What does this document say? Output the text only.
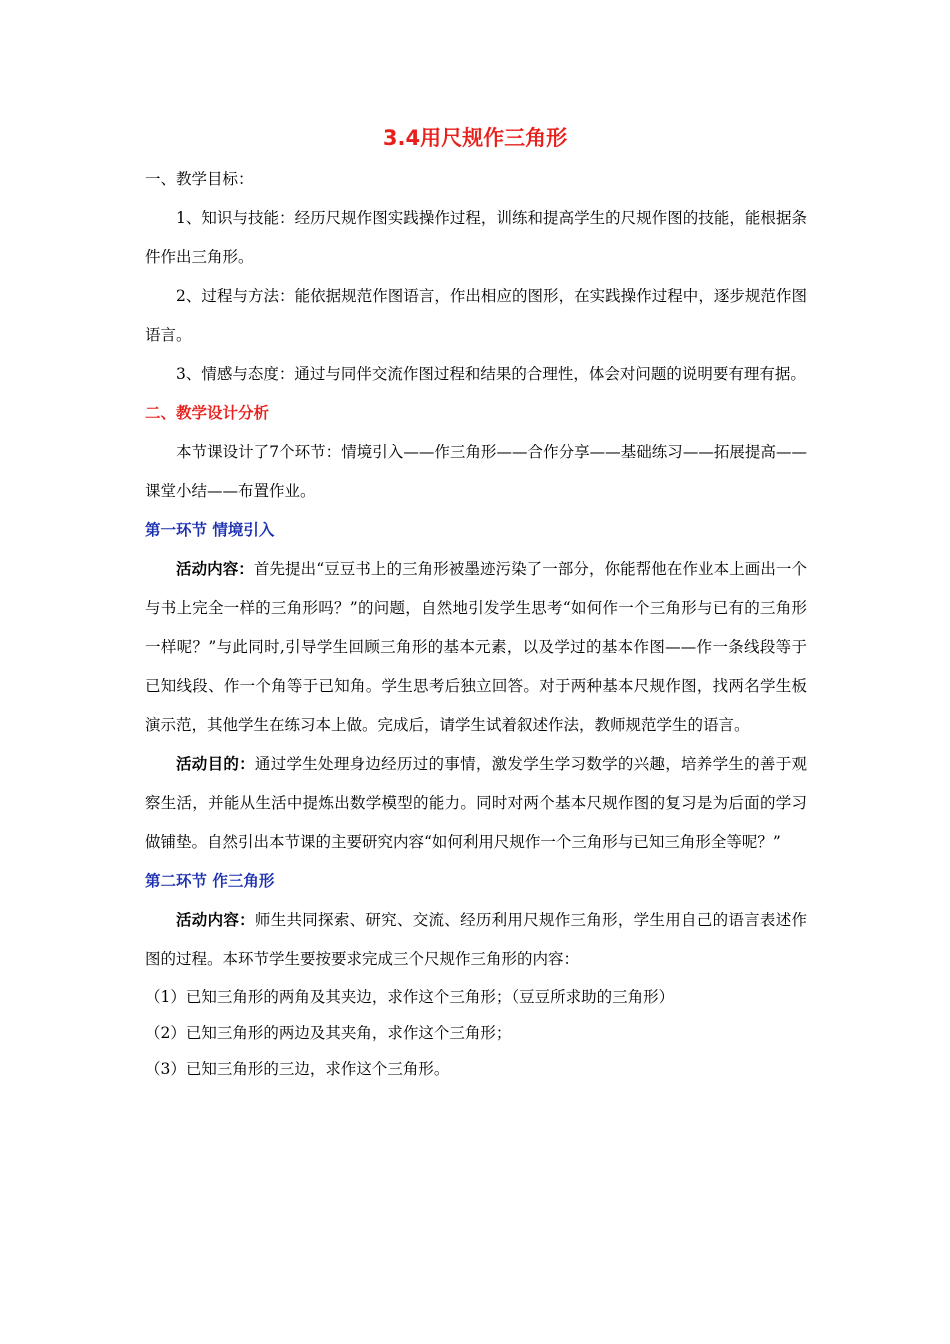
3.4用尺规作三角形

一、教学目标：

1、知识与技能：经历尺规作图实践操作过程，训练和提高学生的尺规作图的技能，能根据条件作出三角形。

2、过程与方法：能依据规范作图语言，作出相应的图形，在实践操作过程中，逐步规范作图语言。

3、情感与态度：通过与同伴交流作图过程和结果的合理性，体会对问题的说明要有理有据。

二、教学设计分析

本节课设计了7个环节：情境引入——作三角形——合作分享——基础练习——拓展提高——课堂小结——布置作业。

第一环节 情境引入

活动内容：首先提出“豆豆书上的三角形被墨迹污染了一部分，你能帮他在作业本上画出一个与书上完全一样的三角形吗？”的问题，自然地引发学生思考“如何作一个三角形与已有的三角形一样呢？”与此同时,引导学生回顾三角形的基本元素，以及学过的基本作图——作一条线段等于已知线段、作一个角等于已知角。学生思考后独立回答。对于两种基本尺规作图，找两名学生板演示范，其他学生在练习本上做。完成后，请学生试着叙述作法，教师规范学生的语言。

活动目的：通过学生处理身边经历过的事情，激发学生学习数学的兴趣，培养学生的善于观察生活，并能从生活中提炼出数学模型的能力。同时对两个基本尺规作图的复习是为后面的学习做铺垫。自然引出本节课的主要研究内容“如何利用尺规作一个三角形与已知三角形全等呢？”

第二环节 作三角形

活动内容：师生共同探索、研究、交流、经历利用尺规作三角形，学生用自己的语言表述作图的过程。本环节学生要按要求完成三个尺规作三角形的内容：

（1）已知三角形的两角及其夹边，求作这个三角形；（豆豆所求助的三角形）

（2）已知三角形的两边及其夹角，求作这个三角形；

（3）已知三角形的三边，求作这个三角形。
